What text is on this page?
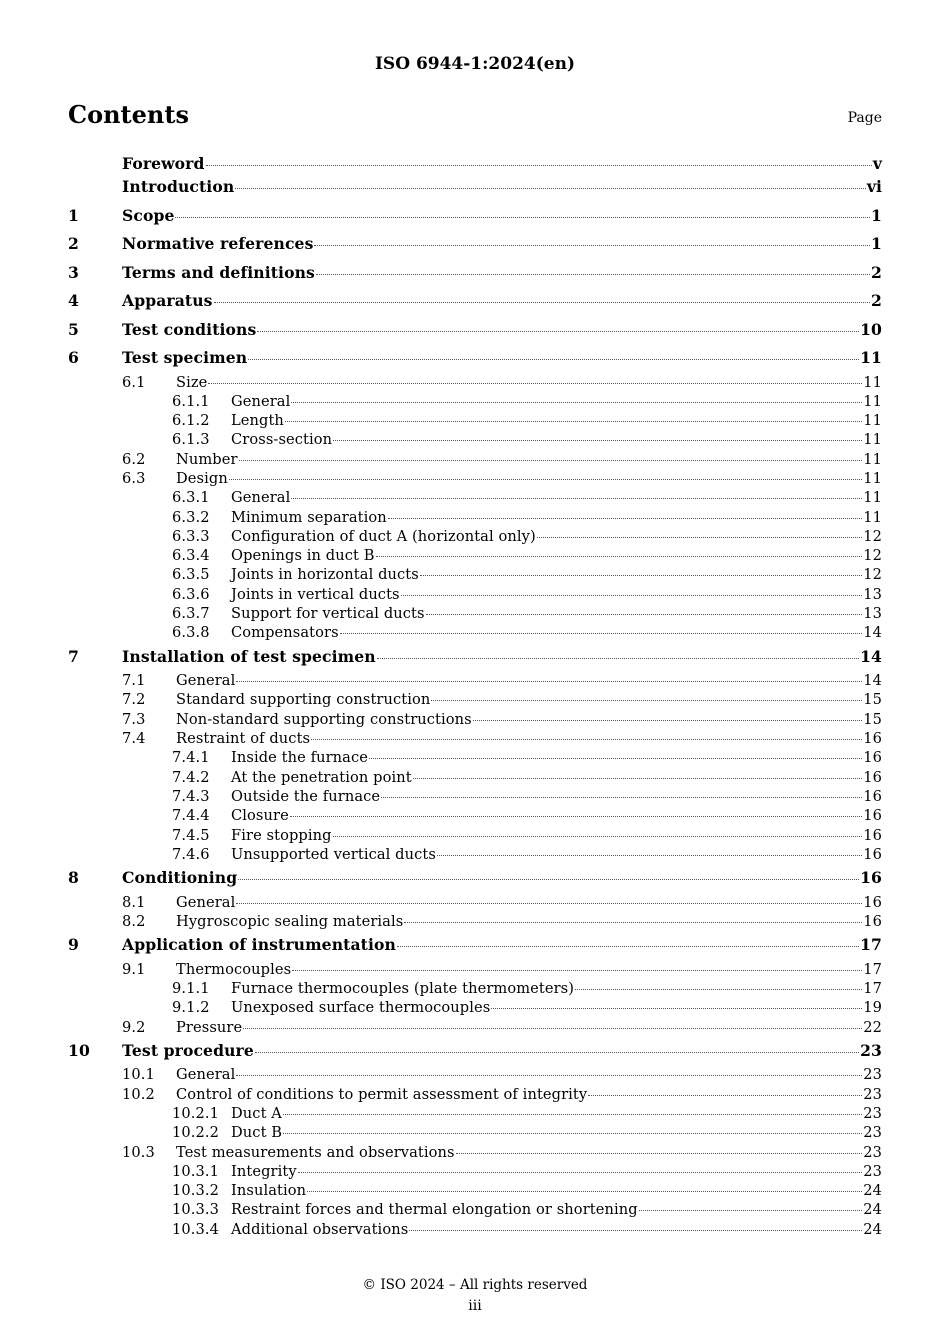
ISO 6944-1:2024(en)
Contents	Page
Foreword	v
Introduction	vi
1	Scope	1
2	Normative references	1
3	Terms and definitions	2
4	Apparatus	2
5	Test conditions	10
6	Test specimen	11
6.1	Size	11
6.1.1	General	11
6.1.2	Length	11
6.1.3	Cross-section	11
6.2	Number	11
6.3	Design	11
6.3.1	General	11
6.3.2	Minimum separation	11
6.3.3	Configuration of duct A (horizontal only)	12
6.3.4	Openings in duct B	12
6.3.5	Joints in horizontal ducts	12
6.3.6	Joints in vertical ducts	13
6.3.7	Support for vertical ducts	13
6.3.8	Compensators	14
7	Installation of test specimen	14
7.1	General	14
7.2	Standard supporting construction	15
7.3	Non-standard supporting constructions	15
7.4	Restraint of ducts	16
7.4.1	Inside the furnace	16
7.4.2	At the penetration point	16
7.4.3	Outside the furnace	16
7.4.4	Closure	16
7.4.5	Fire stopping	16
7.4.6	Unsupported vertical ducts	16
8	Conditioning	16
8.1	General	16
8.2	Hygroscopic sealing materials	16
9	Application of instrumentation	17
9.1	Thermocouples	17
9.1.1	Furnace thermocouples (plate thermometers)	17
9.1.2	Unexposed surface thermocouples	19
9.2	Pressure	22
10	Test procedure	23
10.1	General	23
10.2	Control of conditions to permit assessment of integrity	23
10.2.1 Duct A	23
10.2.2 Duct B	23
10.3	Test measurements and observations	23
10.3.1 Integrity	23
10.3.2 Insulation	24
10.3.3 Restraint forces and thermal elongation or shortening	24
10.3.4 Additional observations	24
© ISO 2024 – All rights reserved
iii
